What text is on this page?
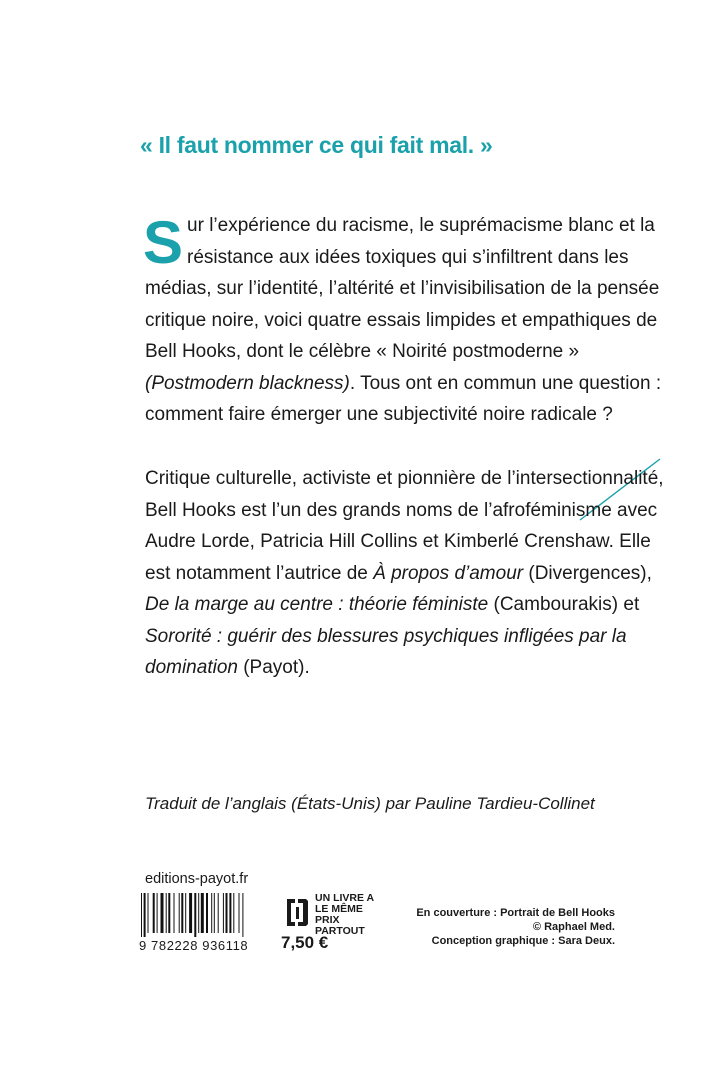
« Il faut nommer ce qui fait mal. »

Sur l’expérience du racisme, le suprémacisme blanc et la résistance aux idées toxiques qui s’infiltrent dans les médias, sur l’identité, l’altérité et l’invisibilisation de la pensée critique noire, voici quatre essais limpides et empathiques de Bell Hooks, dont le célèbre « Noirité postmoderne » (Postmodern blackness). Tous ont en commun une question : comment faire émerger une subjectivité noire radicale ?

Critique culturelle, activiste et pionnière de l’intersectionnalité, Bell Hooks est l’un des grands noms de l’afroféminisme avec Audre Lorde, Patricia Hill Collins et Kimberlé Crenshaw. Elle est notamment l’autrice de À propos d’amour (Divergences), De la marge au centre : théorie féministe (Cambourakis) et Sororité : guérir des blessures psychiques infligées par la domination (Payot).

Traduit de l’anglais (États-Unis) par Pauline Tardieu-Collinet
editions-payot.fr
9 782228 936118
UN LIVRE A
LE MÊME PRIX
PARTOUT
7,50 €
En couverture : Portrait de Bell Hooks
© Raphael Med.
Conception graphique : Sara Deux.
